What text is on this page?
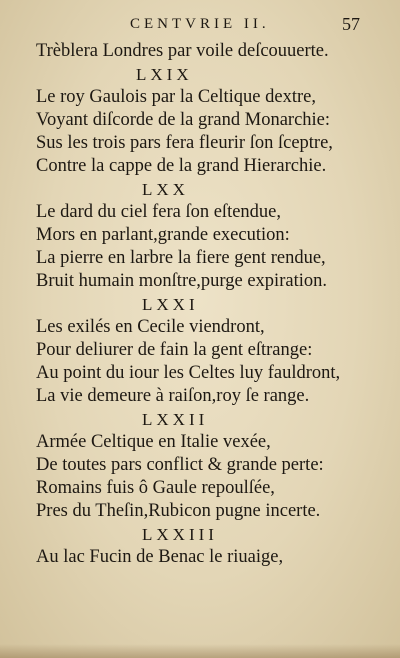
CENTVRIE II.	57
Trèblera Londres par voile deſcouuerte.
LXIX
Le roy Gaulois par la Celtique dextre,
Voyant diſcorde de la grand Monarchie:
Sus les trois pars fera fleurir ſon ſceptre,
Contre la cappe de la grand Hierarchie.
LXX
Le dard du ciel fera ſon eſtendue,
Mors en parlant,grande execution:
La pierre en larbre la fiere gent rendue,
Bruit humain monſtre,purge expiration.
LXXI
Les exilés en Cecile viendront,
Pour deliurer de fain la gent eſtrange:
Au point du iour les Celtes luy fauldront,
La vie demeure à raiſon,roy ſe range.
LXXII
Armée Celtique en Italie vexée,
De toutes pars conflict & grande perte:
Romains fuis ô Gaule repoulſée,
Pres du Theſin,Rubicon pugne incerte.
LXXIII
Au lac Fucin de Benac le riuaige,
